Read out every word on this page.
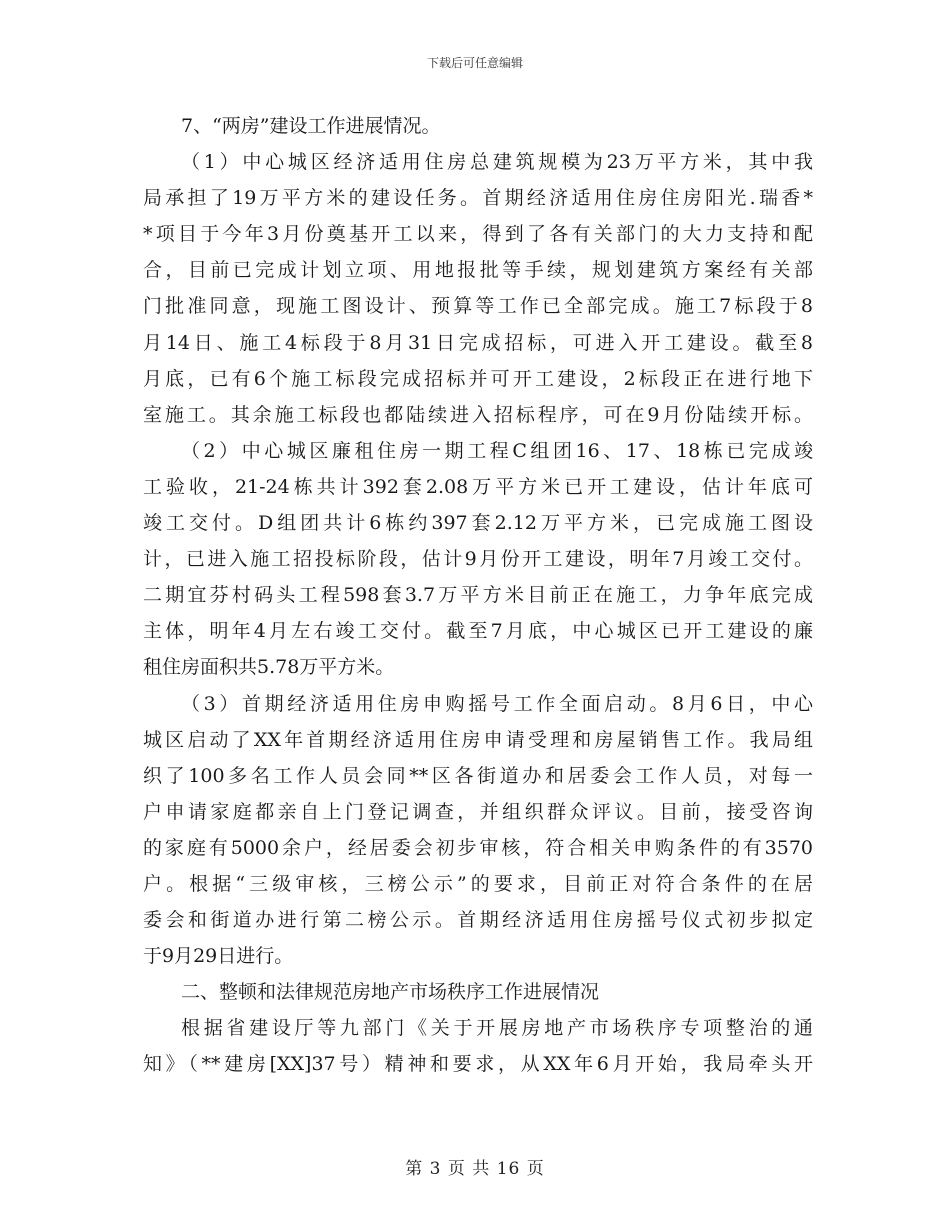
下载后可任意编辑
7、“两房”建设工作进展情况。
（1）中心城区经济适用住房总建筑规模为23万平方米，其中我
局承担了19万平方米的建设任务。首期经济适用住房住房阳光.瑞香*
*项目于今年3月份奠基开工以来，得到了各有关部门的大力支持和配
合，目前已完成计划立项、用地报批等手续，规划建筑方案经有关部
门批准同意，现施工图设计、预算等工作已全部完成。施工7标段于8
月14日、施工4标段于8月31日完成招标，可进入开工建设。截至8
月底，已有6个施工标段完成招标并可开工建设，2标段正在进行地下
室施工。其余施工标段也都陆续进入招标程序，可在9月份陆续开标。
（2）中心城区廉租住房一期工程C组团16、17、18栋已完成竣
工验收，21-24栋共计392套2.08万平方米已开工建设，估计年底可
竣工交付。D组团共计6栋约397套2.12万平方米，已完成施工图设
计，已进入施工招投标阶段，估计9月份开工建设，明年7月竣工交付。
二期宜芬村码头工程598套3.7万平方米目前正在施工，力争年底完成
主体，明年4月左右竣工交付。截至7月底，中心城区已开工建设的廉
租住房面积共5.78万平方米。
（3）首期经济适用住房申购摇号工作全面启动。8月6日，中心
城区启动了XX年首期经济适用住房申请受理和房屋销售工作。我局组
织了100多名工作人员会同**区各街道办和居委会工作人员，对每一
户申请家庭都亲自上门登记调查，并组织群众评议。目前，接受咨询
的家庭有5000余户，经居委会初步审核，符合相关申购条件的有3570
户。根据“三级审核，三榜公示”的要求，目前正对符合条件的在居
委会和街道办进行第二榜公示。首期经济适用住房摇号仪式初步拟定
于9月29日进行。
二、整顿和法律规范房地产市场秩序工作进展情况
根据省建设厅等九部门《关于开展房地产市场秩序专项整治的通
知》（**建房[XX]37号）精神和要求，从XX年6月开始，我局牵头开
第 3 页 共 16 页
